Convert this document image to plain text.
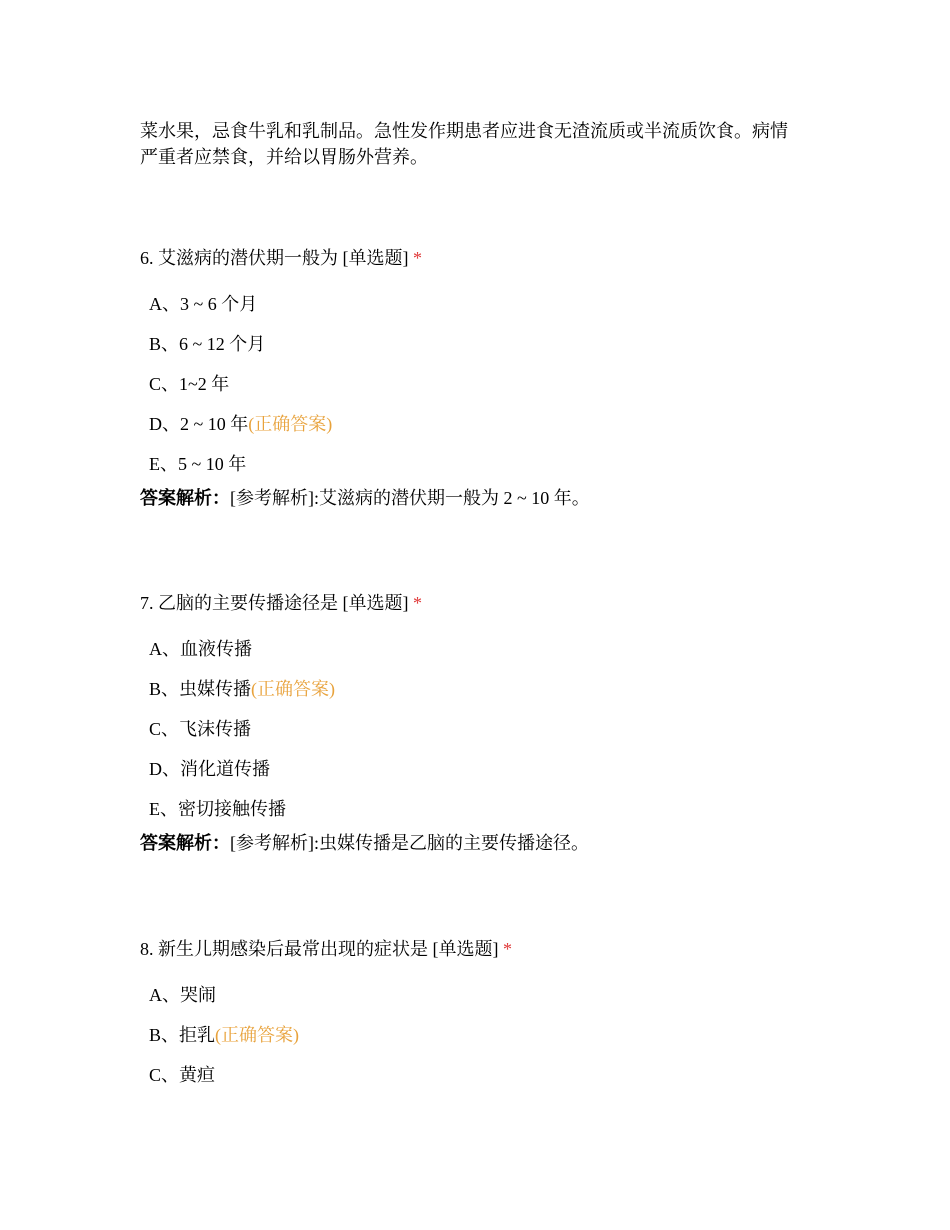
菜水果，忌食牛乳和乳制品。急性发作期患者应进食无渣流质或半流质饮食。病情
严重者应禁食，并给以胃肠外营养。
6. 艾滋病的潜伏期一般为 [单选题] *
A、3 ~ 6 个月
B、6 ~ 12 个月
C、1~2 年
D、2 ~ 10 年(正确答案)
E、5 ~ 10 年
答案解析：[参考解析]:艾滋病的潜伏期一般为 2 ~ 10 年。
7. 乙脑的主要传播途径是 [单选题] *
A、血液传播
B、虫媒传播(正确答案)
C、飞沫传播
D、消化道传播
E、密切接触传播
答案解析：[参考解析]:虫媒传播是乙脑的主要传播途径。
8. 新生儿期感染后最常出现的症状是 [单选题] *
A、哭闹
B、拒乳(正确答案)
C、黄疸
